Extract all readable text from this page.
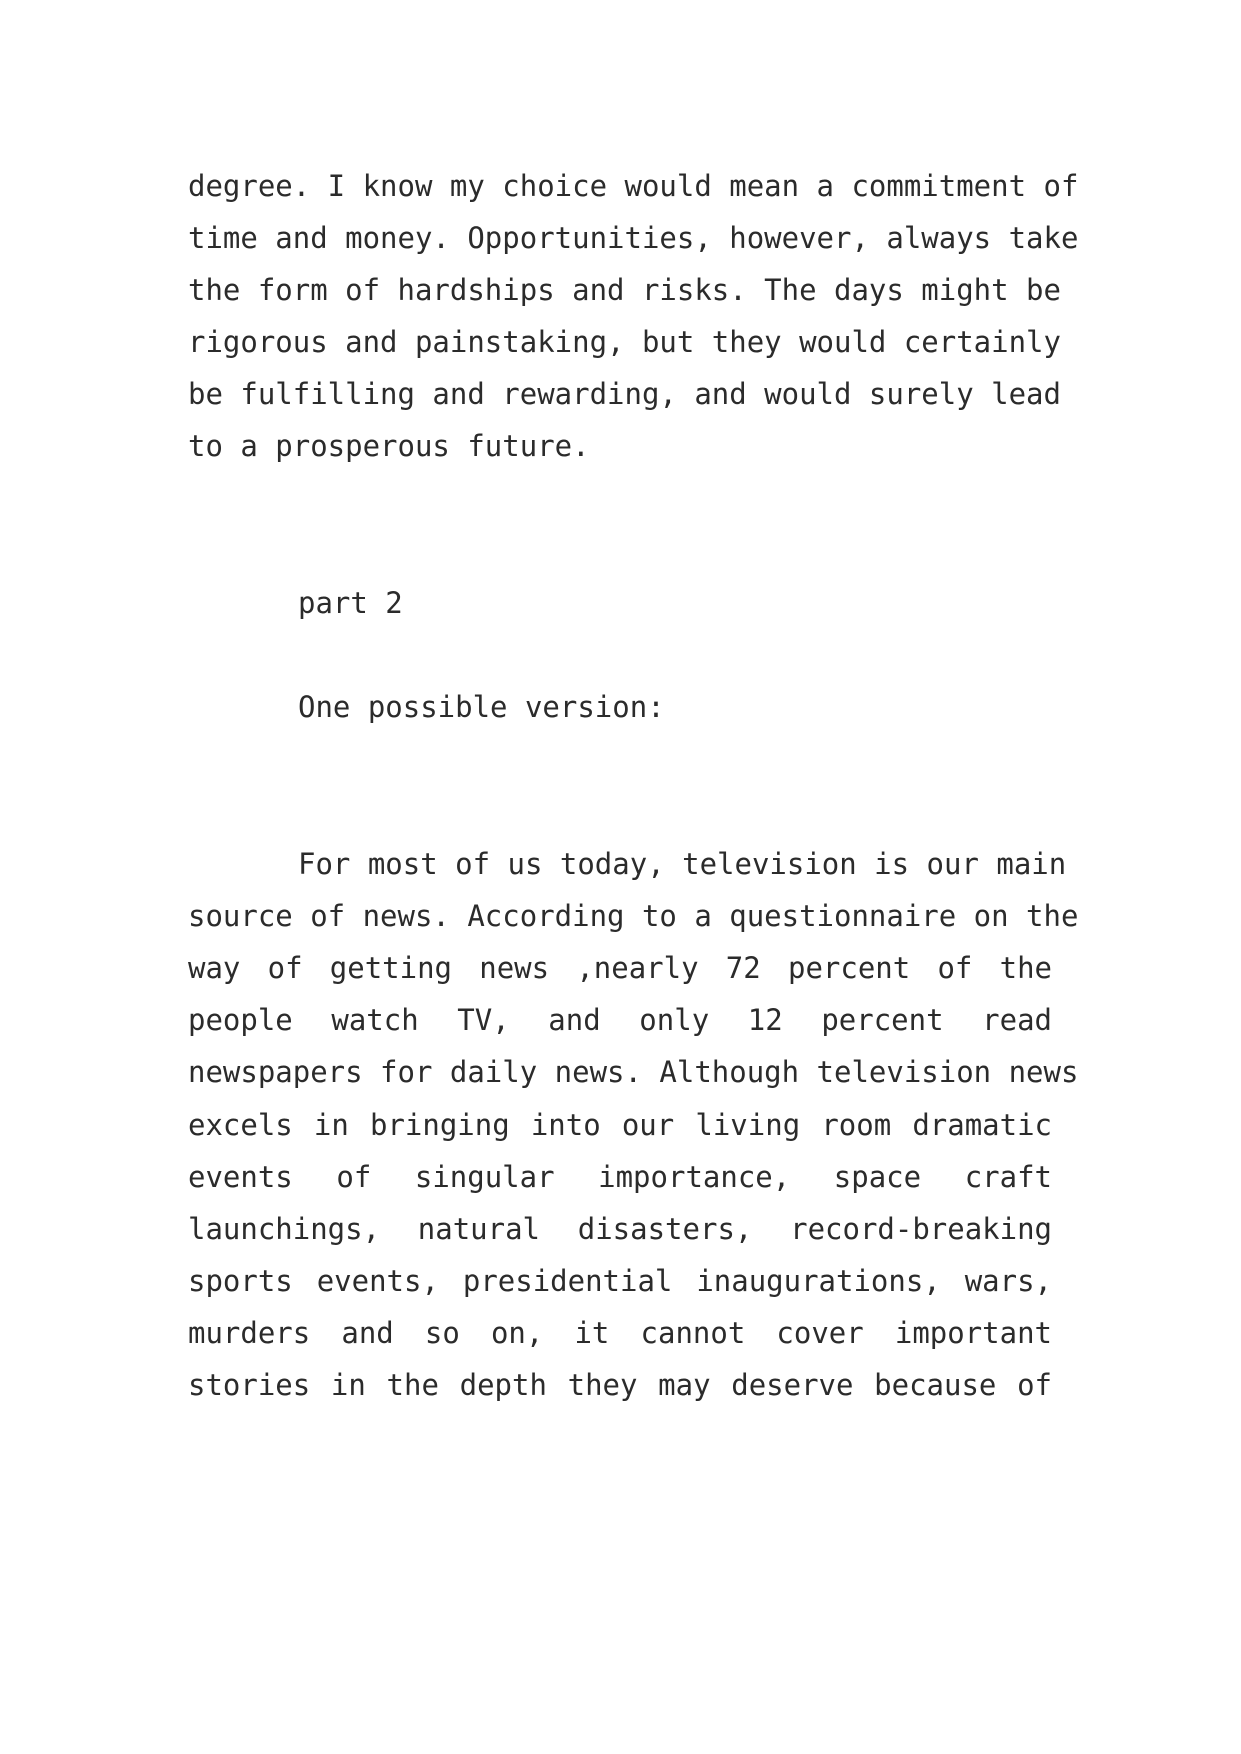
degree. I know my choice would mean a commitment of
time and money. Opportunities, however, always take
the form of hardships and risks. The days might be
rigorous and painstaking, but they would certainly
be fulfilling and rewarding, and would surely lead
to a prosperous future.
part 2
One possible version:
For most of us today, television is our main
source of news. According to a questionnaire on the
way of getting news ,nearly 72 percent of the
people watch TV, and only 12 percent read
newspapers for daily news. Although television news
excels in bringing into our living room dramatic
events of singular importance, space craft
launchings, natural disasters, record-breaking
sports events, presidential inaugurations, wars,
murders and so on, it cannot cover important
stories in the depth they may deserve because of
